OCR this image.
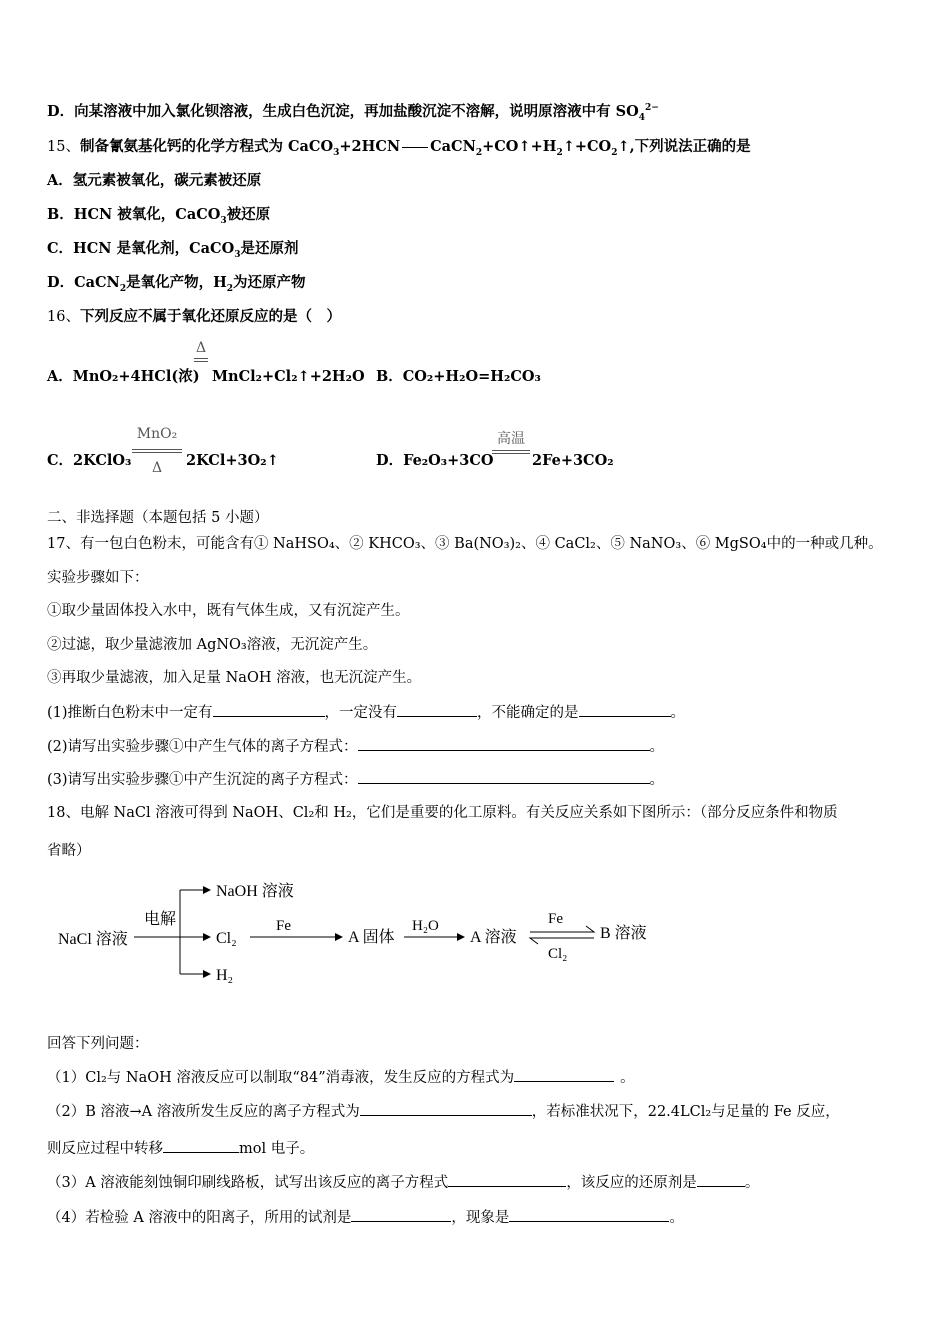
D．向某溶液中加入氯化钡溶液，生成白色沉淀，再加盐酸沉淀不溶解，说明原溶液中有 $SO_4^{2-}$
15、制备氰氨基化钙的化学方程式为 CaCO$_3$+2HCN $CaCN_2+CO↑+H_2↑+CO_2↑$,下列说法正确的是
A．氢元素被氧化，碳元素被还原
B．HCN 被氧化，CaCO$_3$被还原
C．HCN 是氧化剂，CaCO$_3$是还原剂
D．CaCN$_2$是氧化产物，$H_2$为还原产物
16、下列反应不属于氧化还原反应的是（　）
A．MnO₂+4HCl(浓)
Δ
MnCl₂+Cl₂↑+2H₂O B．CO₂+H₂O=H₂CO₃
C．2KClO₃
MnO₂
Δ	2KCl+3O₂↑	D．Fe₂O₃+3CO
高温
2Fe+3CO₂
二、非选择题（本题包括 5 小题）
17、有一包白色粉末，可能含有① NaHSO₄、② KHCO₃、③ Ba(NO₃)₂、④ CaCl₂、⑤ NaNO₃、⑥ MgSO₄中的一种或几种。
实验步骤如下：
①取少量固体投入水中，既有气体生成，又有沉淀产生。
②过滤，取少量滤液加 AgNO₃溶液，无沉淀产生。
③再取少量滤液，加入足量 NaOH 溶液，也无沉淀产生。
(1)推断白色粉末中一定有	，一定没有	，不能确定的是	。
(2)请写出实验步骤①中产生气体的离子方程式：	。
(3)请写出实验步骤①中产生沉淀的离子方程式：	。
18、电解 NaCl 溶液可得到 NaOH、Cl₂和 H₂，它们是重要的化工原料。有关反应关系如下图所示：（部分反应条件和物质
省略）
NaCl 溶液
电解
NaOH 溶液
Cl₂
H₂
Fe
A 固体
H₂O
A 溶液
Fe
Cl₂
B 溶液
回答下列问题：
（1）Cl₂与 NaOH 溶液反应可以制取“84”消毒液，发生反应的方程式为	。
（2）B 溶液→A 溶液所发生反应的离子方程式为	，若标准状况下，22.4LCl₂与足量的 Fe 反应，
则反应过程中转移	mol 电子。
（3）A 溶液能刻蚀铜印刷线路板，试写出该反应的离子方程式	，该反应的还原剂是	。
（4）若检验 A 溶液中的阳离子，所用的试剂是	，现象是	。
